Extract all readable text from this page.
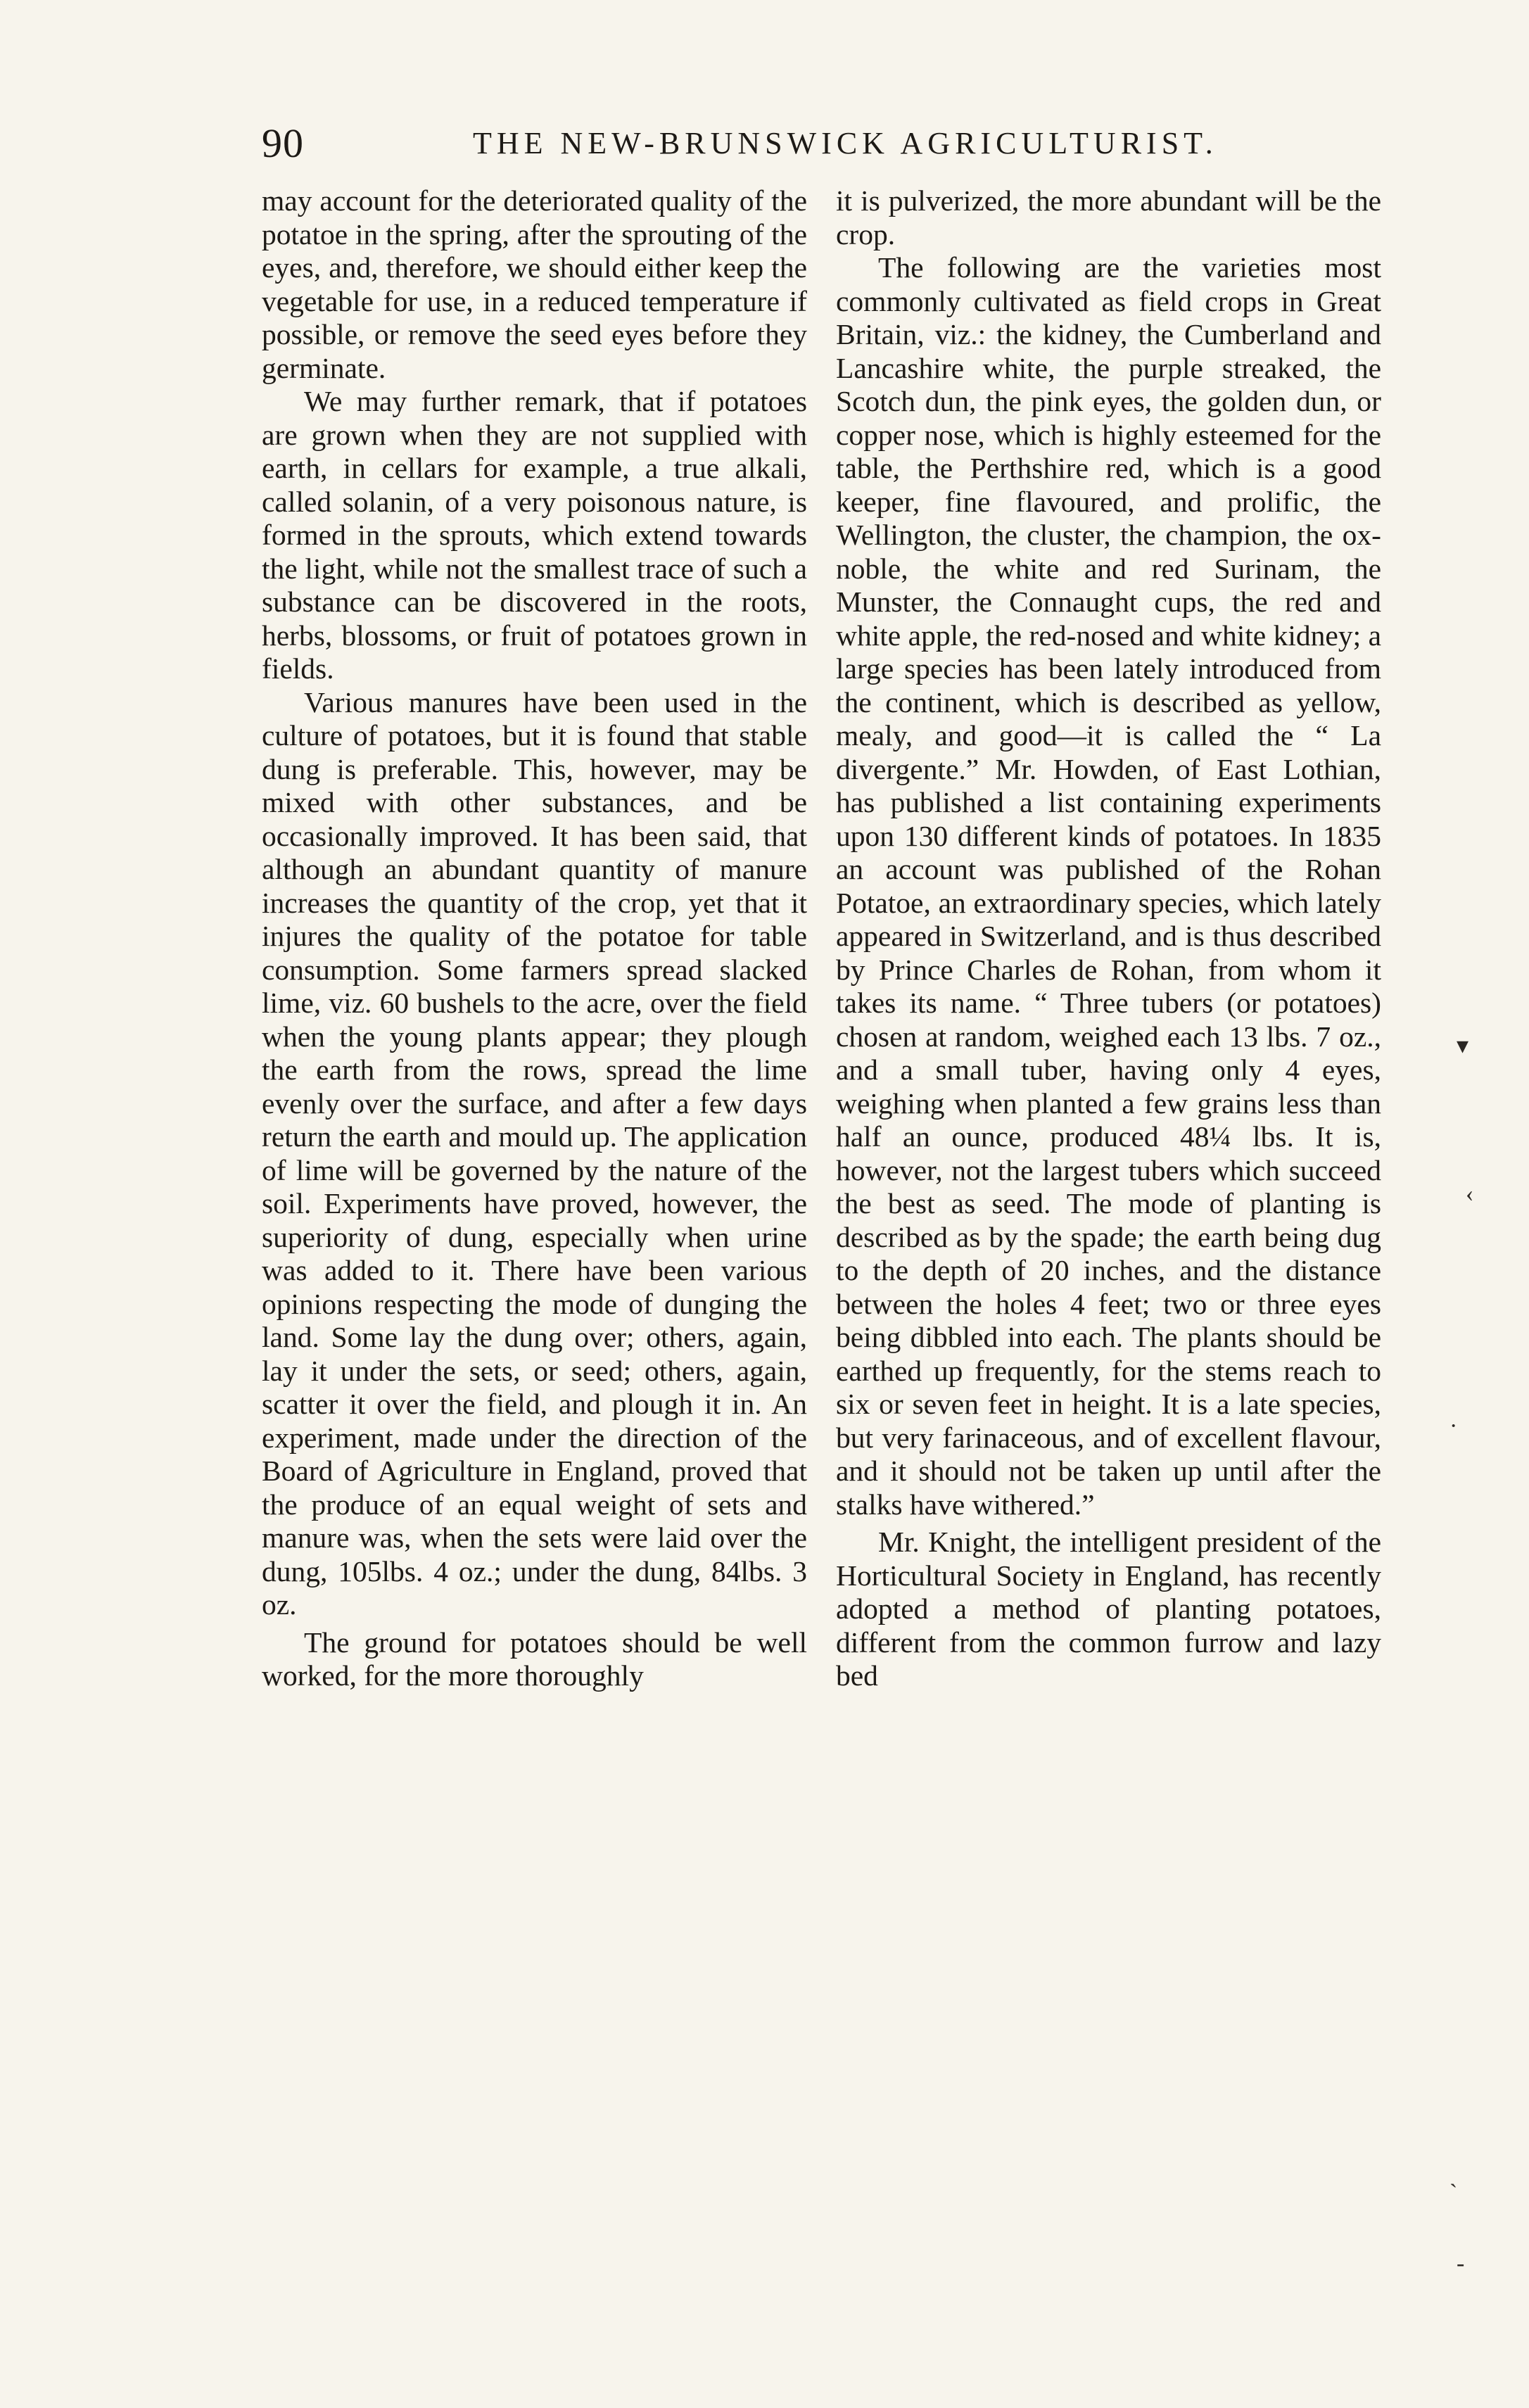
90	THE NEW-BRUNSWICK AGRICULTURIST.

may account for the deteriorated quality of the potatoe in the spring, after the sprouting of the eyes, and, therefore, we should either keep the vegetable for use, in a reduced temperature if possible, or remove the seed eyes before they germinate.

We may further remark, that if potatoes are grown when they are not supplied with earth, in cellars for example, a true alkali, called solanin, of a very poisonous nature, is formed in the sprouts, which extend towards the light, while not the smallest trace of such a substance can be discovered in the roots, herbs, blossoms, or fruit of potatoes grown in fields.

Various manures have been used in the culture of potatoes, but it is found that stable dung is preferable. This, however, may be mixed with other substances, and be occasionally improved. It has been said, that although an abundant quantity of manure increases the quantity of the crop, yet that it injures the quality of the potatoe for table consumption. Some farmers spread slacked lime, viz. 60 bushels to the acre, over the field when the young plants appear; they plough the earth from the rows, spread the lime evenly over the surface, and after a few days return the earth and mould up. The application of lime will be governed by the nature of the soil. Experiments have proved, however, the superiority of dung, especially when urine was added to it. There have been various opinions respecting the mode of dunging the land. Some lay the dung over; others, again, lay it under the sets, or seed; others, again, scatter it over the field, and plough it in. An experiment, made under the direction of the Board of Agriculture in England, proved that the produce of an equal weight of sets and manure was, when the sets were laid over the dung, 105lbs. 4 oz.; under the dung, 84lbs. 3 oz.

The ground for potatoes should be well worked, for the more thoroughly

it is pulverized, the more abundant will be the crop.

The following are the varieties most commonly cultivated as field crops in Great Britain, viz.: the kidney, the Cumberland and Lancashire white, the purple streaked, the Scotch dun, the pink eyes, the golden dun, or copper nose, which is highly esteemed for the table, the Perthshire red, which is a good keeper, fine flavoured, and prolific, the Wellington, the cluster, the champion, the ox-noble, the white and red Surinam, the Munster, the Connaught cups, the red and white apple, the red-nosed and white kidney; a large species has been lately introduced from the continent, which is described as yellow, mealy, and good—it is called the “ La divergente.” Mr. Howden, of East Lothian, has published a list containing experiments upon 130 different kinds of potatoes. In 1835 an account was published of the Rohan Potatoe, an extraordinary species, which lately appeared in Switzerland, and is thus described by Prince Charles de Rohan, from whom it takes its name. “ Three tubers (or potatoes) chosen at random, weighed each 13 lbs. 7 oz., and a small tuber, having only 4 eyes, weighing when planted a few grains less than half an ounce, produced 48¼ lbs. It is, however, not the largest tubers which succeed the best as seed. The mode of planting is described as by the spade; the earth being dug to the depth of 20 inches, and the distance between the holes 4 feet; two or three eyes being dibbled into each. The plants should be earthed up frequently, for the stems reach to six or seven feet in height. It is a late species, but very farinaceous, and of excellent flavour, and it should not be taken up until after the stalks have withered.”

Mr. Knight, the intelligent president of the Horticultural Society in England, has recently adopted a method of planting potatoes, different from the common furrow and lazy bed

▾
‹
·
`
-
